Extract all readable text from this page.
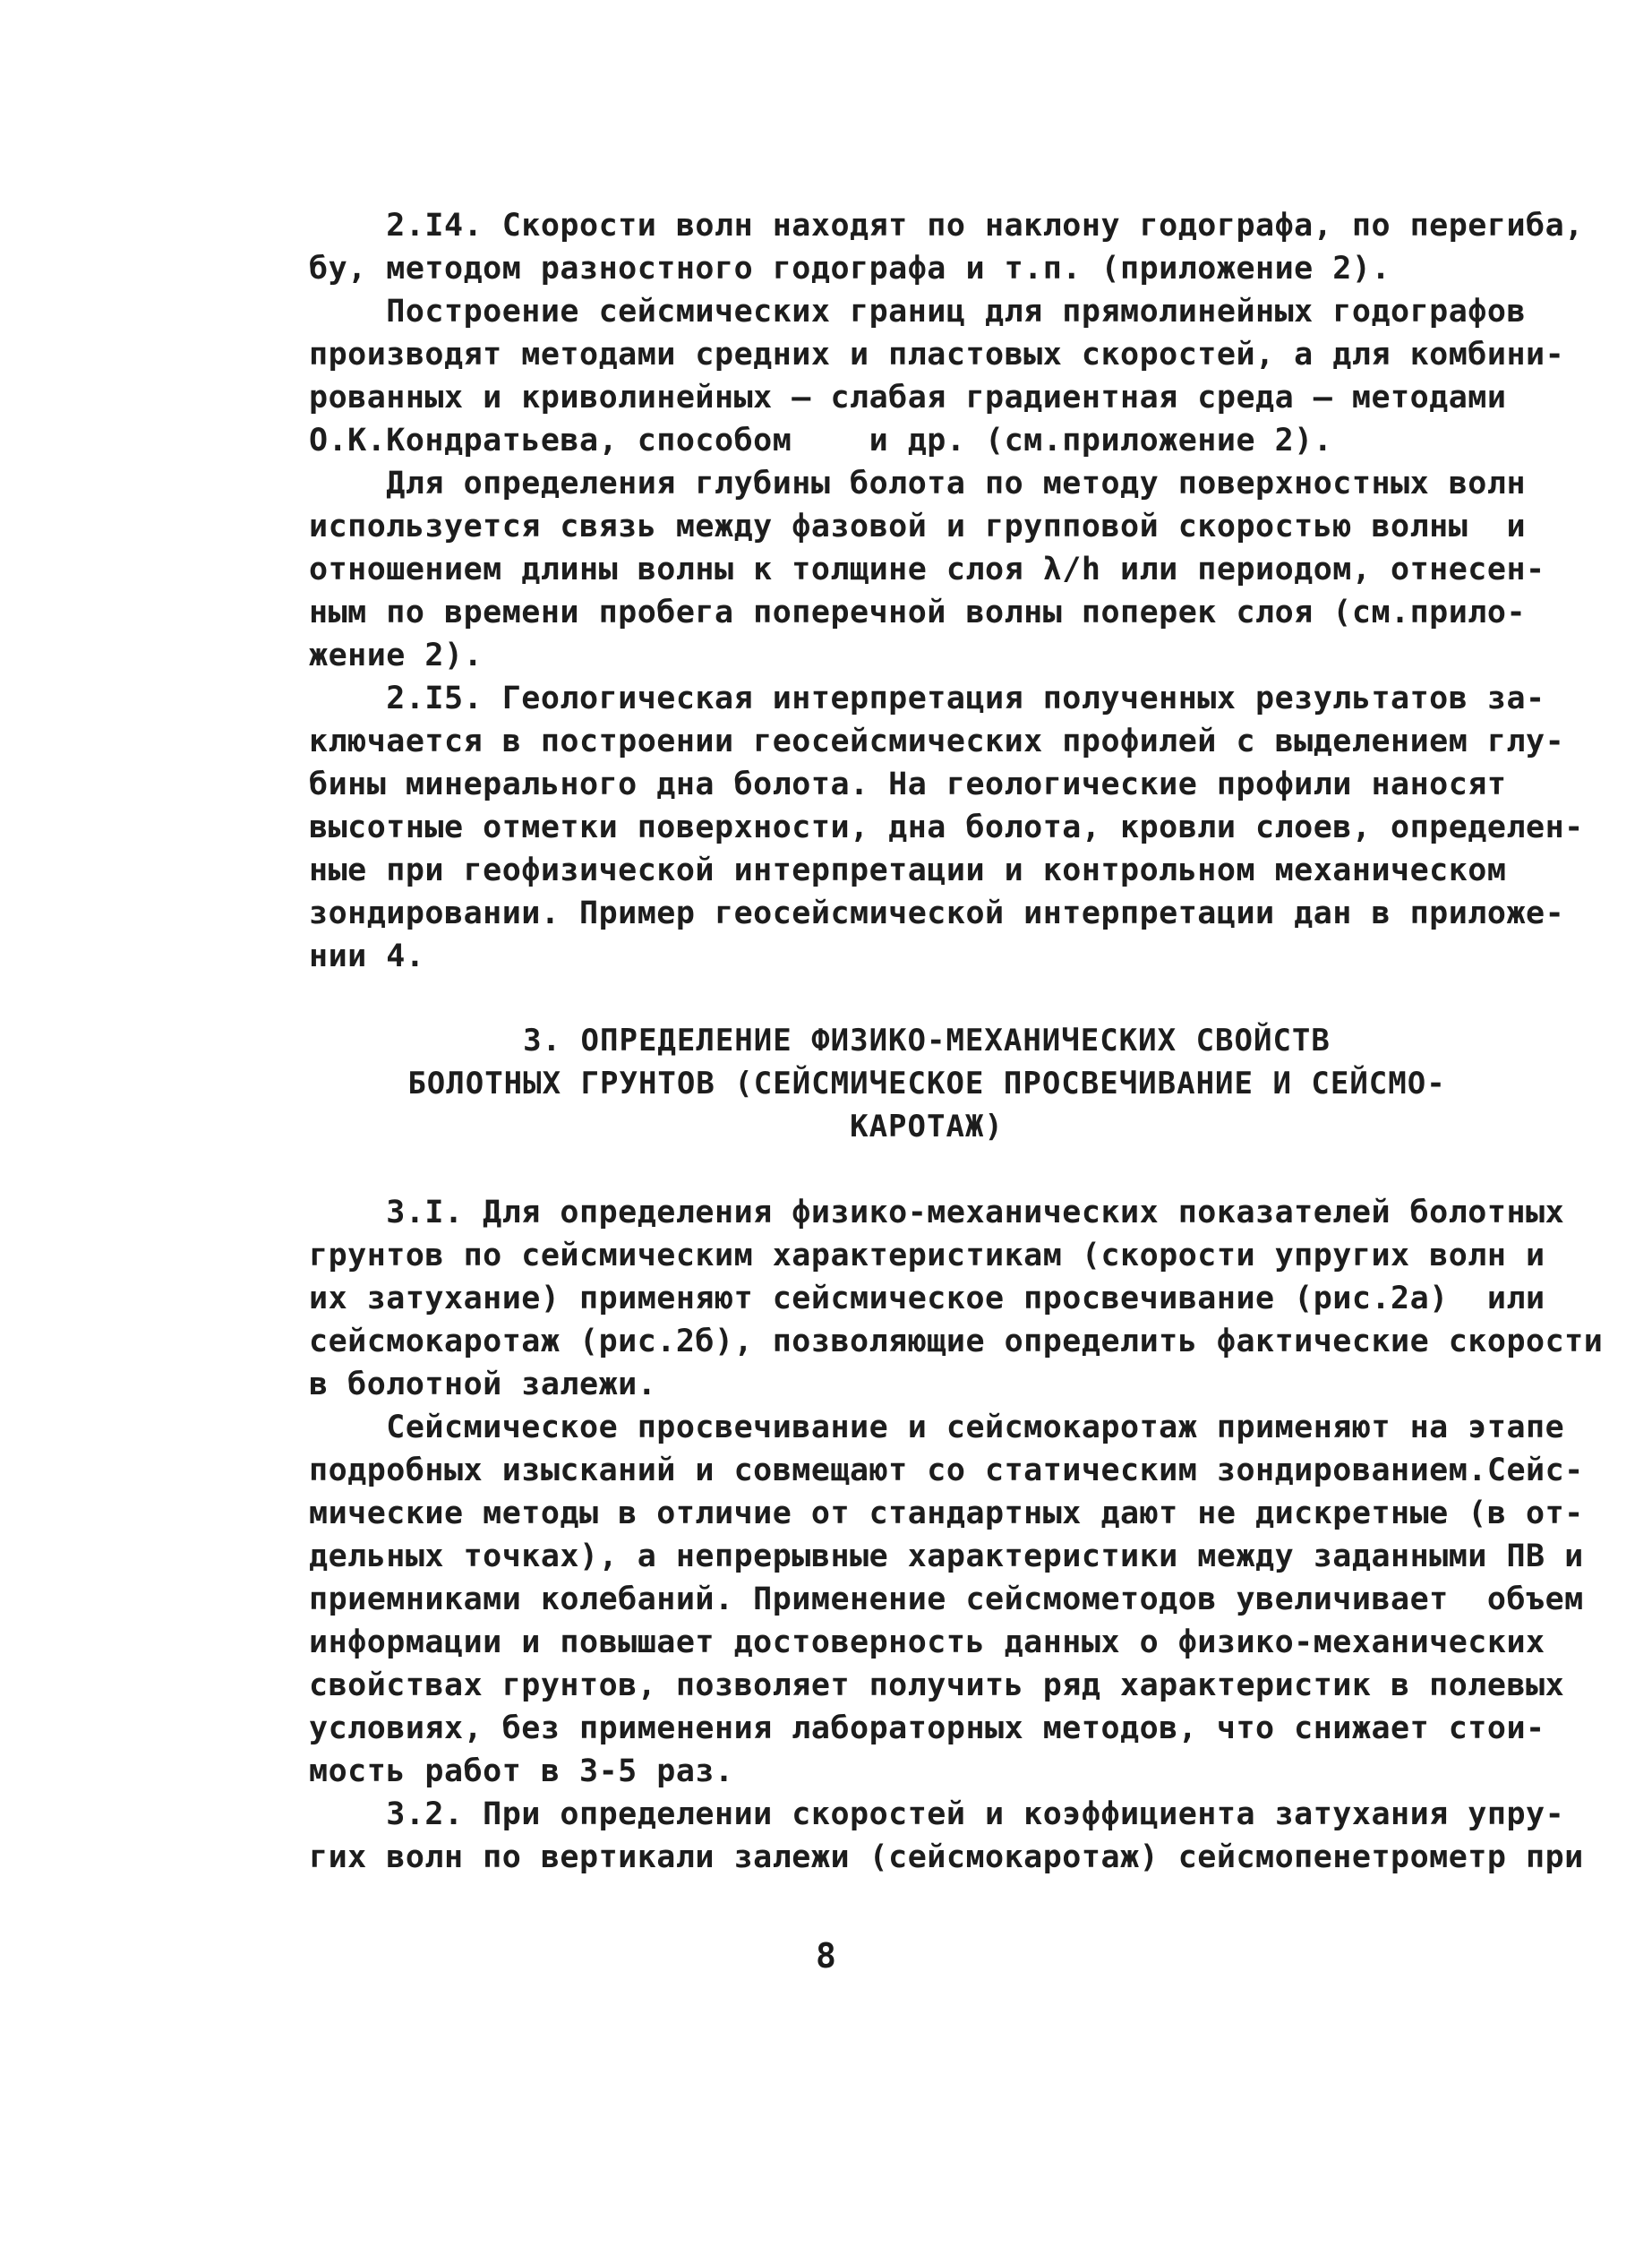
2.I4. Скорости волн находят по наклону годографа, по перегиба,
бу, методом разностного годографа и т.п. (приложение 2).
Построение сейсмических границ для прямолинейных годографов
производят методами средних и пластовых скоростей, а для комбини-
рованных и криволинейных — слабая градиентная среда — методами
О.К.Кондратьева, способом    и др. (см.приложение 2).
Для определения глубины болота по методу поверхностных волн
используется связь между фазовой и групповой скоростью волны  и
отношением длины волны к толщине слоя λ/h или периодом, отнесен-
ным по времени пробега поперечной волны поперек слоя (см.прило-
жение 2).
2.I5. Геологическая интерпретация полученных результатов за-
ключается в построении геосейсмических профилей с выделением глу-
бины минерального дна болота. На геологические профили наносят
высотные отметки поверхности, дна болота, кровли слоев, определен-
ные при геофизической интерпретации и контрольном механическом
зондировании. Пример геосейсмической интерпретации дан в приложе-
нии 4.
3. ОПРЕДЕЛЕНИЕ ФИЗИКО-МЕХАНИЧЕСКИХ СВОЙСТВ
БОЛОТНЫХ ГРУНТОВ (СЕЙСМИЧЕСКОЕ ПРОСВЕЧИВАНИЕ И СЕЙСМО-
КАРОТАЖ)
3.I. Для определения физико-механических показателей болотных
грунтов по сейсмическим характеристикам (скорости упругих волн и
их затухание) применяют сейсмическое просвечивание (рис.2а)  или
сейсмокаротаж (рис.2б), позволяющие определить фактические скорости
в болотной залежи.
Сейсмическое просвечивание и сейсмокаротаж применяют на этапе
подробных изысканий и совмещают со статическим зондированием.Сейс-
мические методы в отличие от стандартных дают не дискретные (в от-
дельных точках), а непрерывные характеристики между заданными ПВ и
приемниками колебаний. Применение сейсмометодов увеличивает  объем
информации и повышает достоверность данных о физико-механических
свойствах грунтов, позволяет получить ряд характеристик в полевых
условиях, без применения лабораторных методов, что снижает стои-
мость работ в 3-5 раз.
3.2. При определении скоростей и коэффициента затухания упру-
гих волн по вертикали залежи (сейсмокаротаж) сейсмопенетрометр при
8
